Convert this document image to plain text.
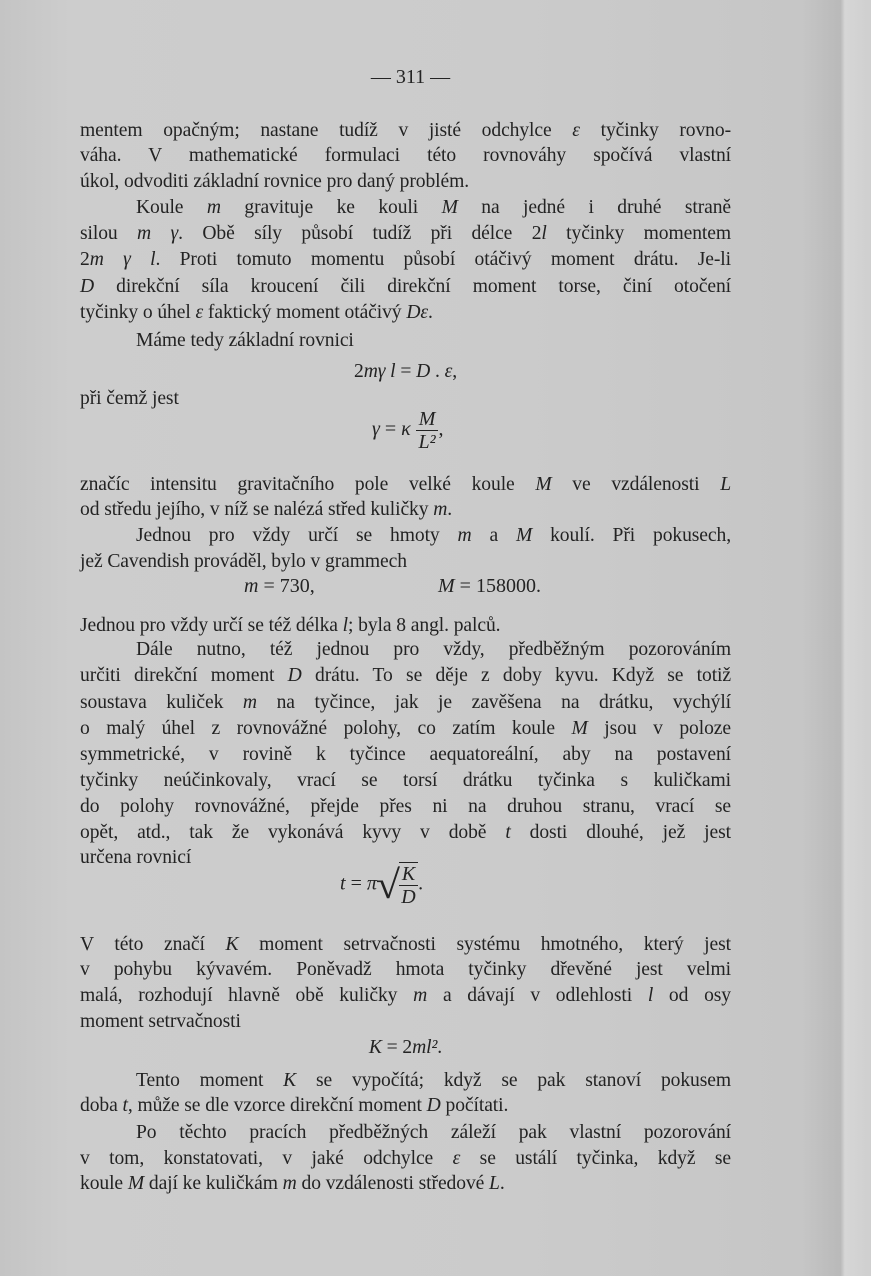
— 311 —
mentem opačným; nastane tudíž v jisté odchylce ε tyčinky rovno-
váha. V mathematické formulaci této rovnováhy spočívá vlastní
úkol, odvoditi základní rovnice pro daný problém.
Koule m gravituje ke kouli M na jedné i druhé straně
silou m γ. Obě síly působí tudíž při délce 2l tyčinky momentem
2m γ l. Proti tomuto momentu působí otáčivý moment drátu. Je-li
D direkční síla kroucení čili direkční moment torse, činí otočení
tyčinky o úhel ε faktický moment otáčivý Dε.
Máme tedy základní rovnici
2mγ l = D . ε,
při čemž jest
značíc intensitu gravitačního pole velké koule M ve vzdálenosti L
od středu jejího, v níž se nalézá střed kuličky m.
Jednou pro vždy určí se hmoty m a M koulí. Při pokusech,
jež Cavendish prováděl, bylo v grammech
Jednou pro vždy určí se též délka l; byla 8 angl. palců.
Dále nutno, též jednou pro vždy, předběžným pozorováním
určiti direkční moment D drátu. To se děje z doby kyvu. Když se totiž
soustava kuliček m na tyčince, jak je zavěšena na drátku, vychýlí
o malý úhel z rovnovážné polohy, co zatím koule M jsou v poloze
symmetrické, v rovině k tyčince aequatoreální, aby na postavení
tyčinky neúčinkovaly, vrací se torsí drátku tyčinka s kuličkami
do polohy rovnovážné, přejde přes ni na druhou stranu, vrací se
opět, atd., tak že vykonává kyvy v době t dosti dlouhé, jež jest
určena rovnicí
V této značí K moment setrvačnosti systému hmotného, který jest
v pohybu kývavém. Poněvadž hmota tyčinky dřevěné jest velmi
malá, rozhodují hlavně obě kuličky m a dávají v odlehlosti l od osy
moment setrvačnosti
K = 2ml².
Tento moment K se vypočítá; když se pak stanoví pokusem
doba t, může se dle vzorce direkční moment D počítati.
Po těchto pracích předběžných záleží pak vlastní pozorování
v tom, konstatovati, v jaké odchylce ε se ustálí tyčinka, když se
koule M dají ke kuličkám m do vzdálenosti středové L.
γ = κ $\frac{M}{\text{L²}}$ ,
m = 730,	M = 158000.
t = π√
$\frac{K}{D}$ .
